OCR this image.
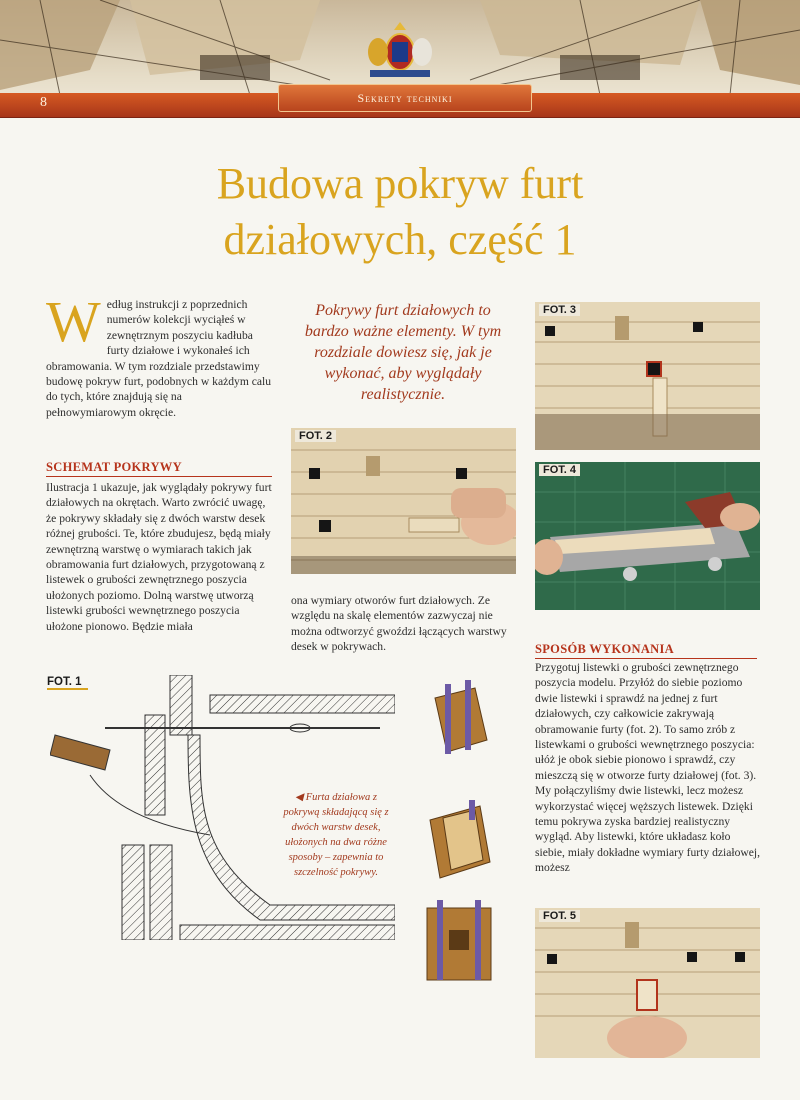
8	Sekrety techniki
Budowa pokryw furt
działowych, część 1
Według instrukcji z poprzednich numerów kolekcji wyciąłeś w zewnętrznym poszyciu kadłuba furty działowe i wykonałeś ich obramowania. W tym rozdziale przedstawimy budowę pokryw furt, podobnych w każdym calu do tych, które znajdują się na pełnowymiarowym okręcie.
SCHEMAT POKRYWY
Ilustracja 1 ukazuje, jak wyglądały pokrywy furt działowych na okrętach. Warto zwrócić uwagę, że pokrywy składały się z dwóch warstw desek różnej grubości. Te, które zbudujesz, będą miały zewnętrzną warstwę o wymiarach takich jak obramowania furt działowych, przygotowaną z listewek o grubości zewnętrznego poszycia ułożonych poziomo. Dolną warstwę utworzą listewki grubości wewnętrznego poszycia ułożone pionowo. Będzie miała
Pokrywy furt działowych to bardzo ważne elementy. W tym rozdziale dowiesz się, jak je wykonać, aby wyglądały realistycznie.
FOT. 2
ona wymiary otworów furt działowych. Ze względu na skalę elementów zazwyczaj nie można odtworzyć gwoździ łączących warstwy desek w pokrywach.
FOT. 3
FOT. 4
SPOSÓB WYKONANIA
Przygotuj listewki o grubości zewnętrznego poszycia modelu. Przyłóż do siebie poziomo dwie listewki i sprawdź na jednej z furt działowych, czy całkowicie zakrywają obramowanie furty (fot. 2). To samo zrób z listewkami o grubości wewnętrznego poszycia: ułóż je obok siebie pionowo i sprawdź, czy mieszczą się w otworze furty działowej (fot. 3). My połączyliśmy dwie listewki, lecz możesz wykorzystać więcej węższych listewek. Dzięki temu pokrywa zyska bardziej realistyczny wygląd. Aby listewki, które układasz koło siebie, miały dokładne wymiary furty działowej, możesz
FOT. 5
FOT. 1
◀ Furta działowa z pokrywą składającą się z dwóch warstw desek, ułożonych na dwa różne sposoby – zapewnia to szczelność pokrywy.
